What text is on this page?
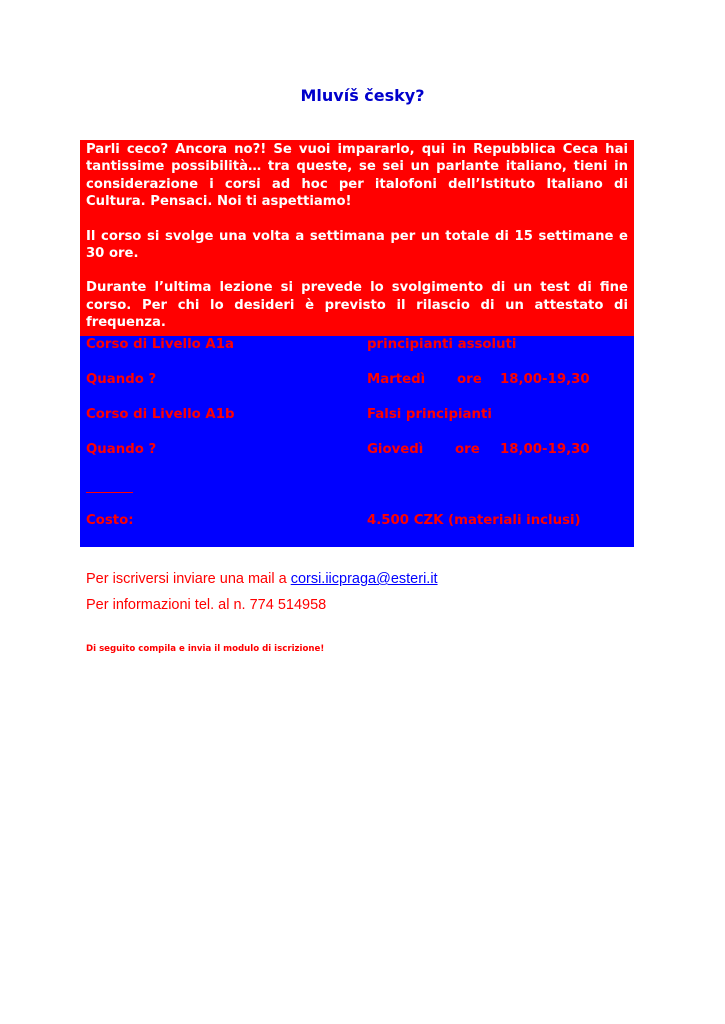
Mluvíš česky?

Parli ceco? Ancora no?! Se vuoi impararlo, qui in Repubblica Ceca hai tantissime possibilità… tra queste, se sei un parlante italiano, tieni in considerazione i corsi ad hoc per italofoni dell’Istituto Italiano di Cultura. Pensaci. Noi ti aspettiamo!

Il corso si svolge una volta a settimana per un totale di 15 settimane e 30 ore.

Durante l’ultima lezione si prevede lo svolgimento di un test di fine corso. Per chi lo desideri è previsto il rilascio di un attestato di frequenza.

Corso di Livello A1a	principianti assoluti
Quando ?	Martedì ore 18,00-19,30
Corso di Livello A1b	Falsi principianti
Quando ?	Giovedì ore 18,00-19,30
Costo:	4.500 CZK (materiali inclusi)
Per iscriversi inviare una mail a corsi.iicpraga@esteri.it
Per informazioni tel. al n. 774 514958
Di seguito compila e invia il modulo di iscrizione!
